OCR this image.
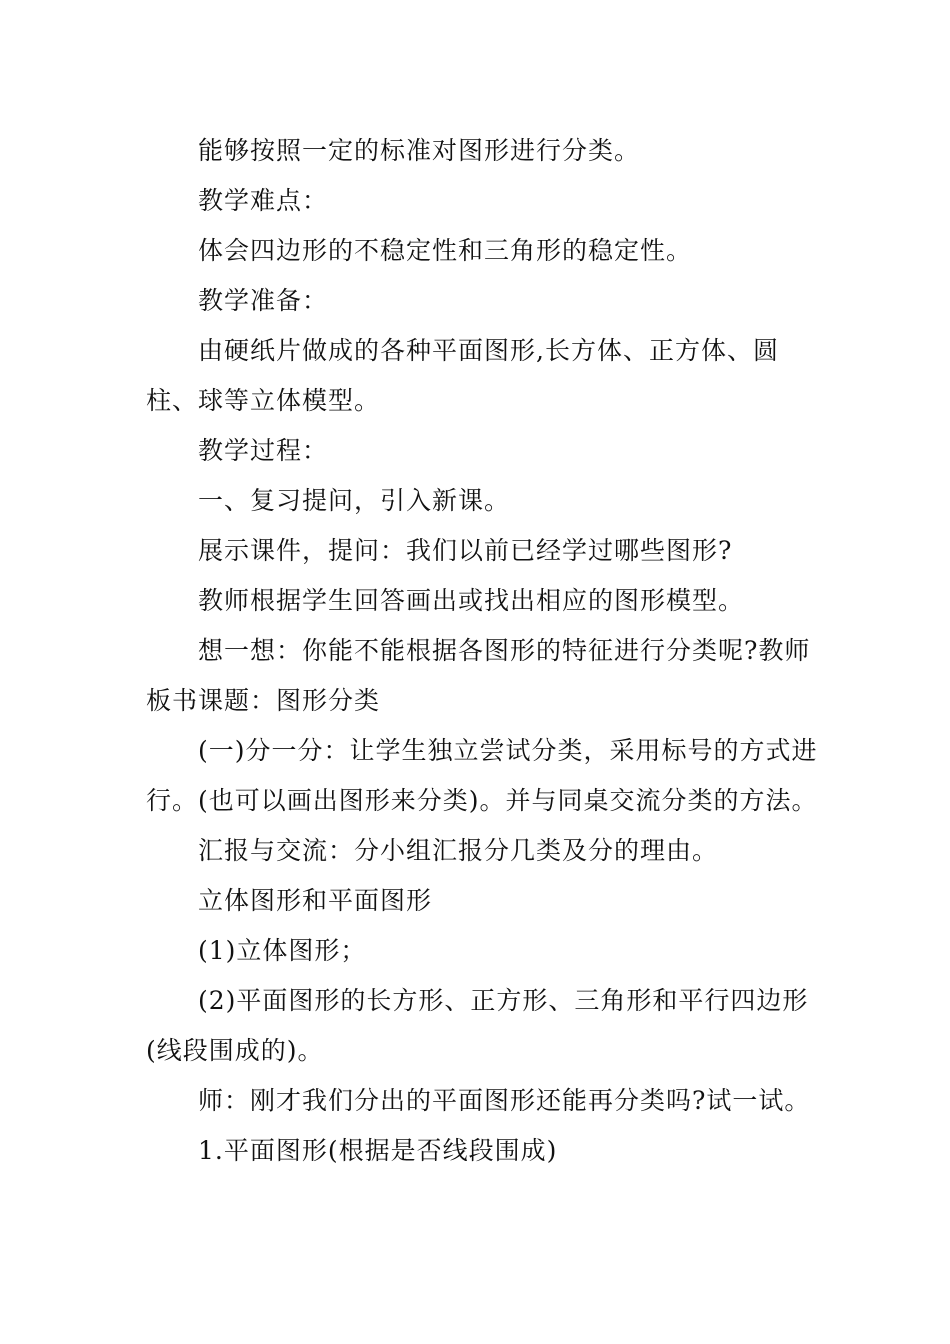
能够按照一定的标准对图形进行分类。

教学难点：

体会四边形的不稳定性和三角形的稳定性。

教学准备：

由硬纸片做成的各种平面图形,长方体、正方体、圆柱、球等立体模型。

教学过程：

一、复习提问，引入新课。

展示课件，提问：我们以前已经学过哪些图形?

教师根据学生回答画出或找出相应的图形模型。

想一想：你能不能根据各图形的特征进行分类呢?教师板书课题：图形分类

(一)分一分：让学生独立尝试分类，采用标号的方式进行。(也可以画出图形来分类)。并与同桌交流分类的方法。

汇报与交流：分小组汇报分几类及分的理由。

立体图形和平面图形

(1)立体图形；

(2)平面图形的长方形、正方形、三角形和平行四边形(线段围成的)。

师：刚才我们分出的平面图形还能再分类吗?试一试。

1.平面图形(根据是否线段围成)
